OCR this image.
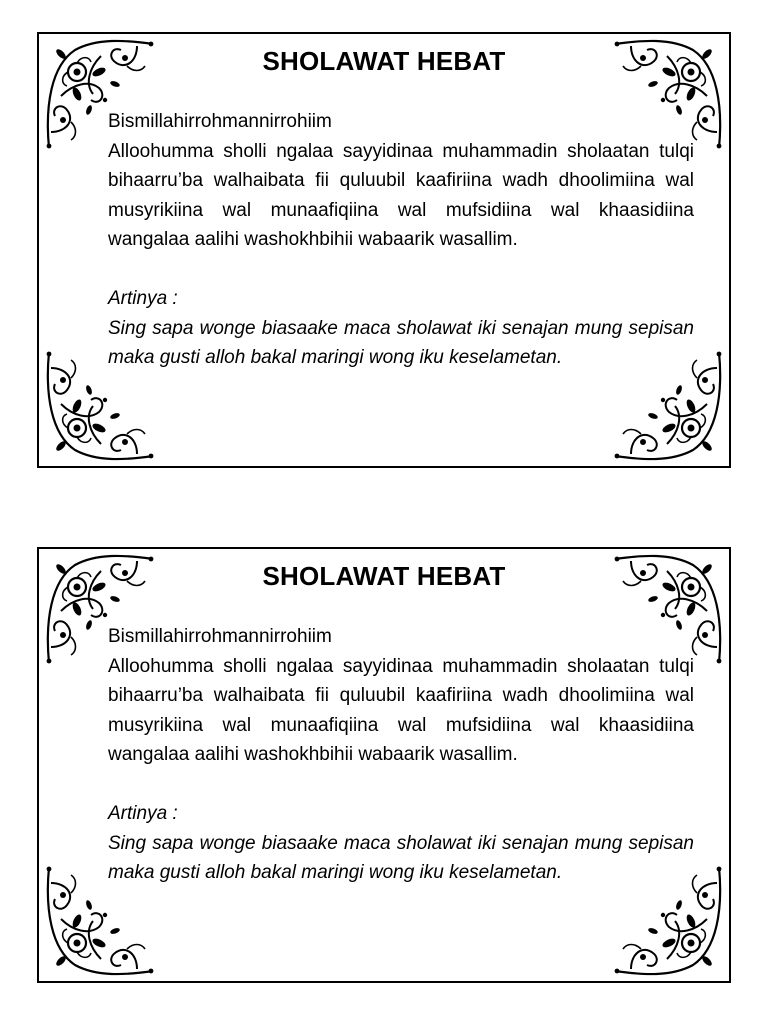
SHOLAWAT HEBAT

Bismillahirrohmannirrohiim

Alloohumma sholli ngalaa sayyidinaa muhammadin sholaatan tulqi bihaarru’ba walhaibata fii quluubil kaafiriina wadh dhoolimiina wal musyrikiina wal munaafiqiina wal mufsidiina wal khaasidiina wangalaa aalihi washokhbihii wabaarik wasallim.

Artinya :

Sing sapa wonge biasaake maca sholawat iki senajan mung sepisan maka gusti alloh bakal maringi wong iku keselametan.

SHOLAWAT HEBAT

Bismillahirrohmannirrohiim

Alloohumma sholli ngalaa sayyidinaa muhammadin sholaatan tulqi bihaarru’ba walhaibata fii quluubil kaafiriina wadh dhoolimiina wal musyrikiina wal munaafiqiina wal mufsidiina wal khaasidiina wangalaa aalihi washokhbihii wabaarik wasallim.

Artinya :

Sing sapa wonge biasaake maca sholawat iki senajan mung sepisan maka gusti alloh bakal maringi wong iku keselametan.
